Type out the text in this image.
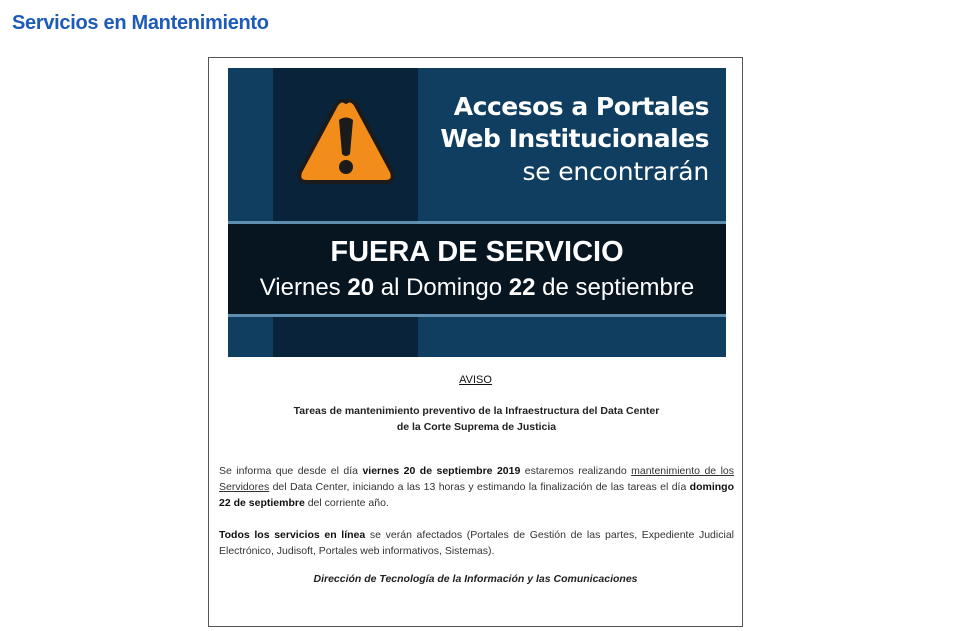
Servicios en Mantenimiento
Accesos a Portales
Web Institucionales
se encontrarán
FUERA DE SERVICIO
Viernes 20 al Domingo 22 de septiembre
AVISO
Tareas de mantenimiento preventivo de la Infraestructura del Data Center
de la Corte Suprema de Justicia

Se informa que desde el día viernes 20 de septiembre 2019 estaremos realizando mantenimiento de los Servidores del Data Center, iniciando a las 13 horas y estimando la finalización de las tareas el día domingo 22 de septiembre del corriente año.

Todos los servicios en línea se verán afectados (Portales de Gestión de las partes, Expediente Judicial Electrónico, Judisoft, Portales web informativos, Sistemas).

Dirección de Tecnología de la Información y las Comunicaciones
